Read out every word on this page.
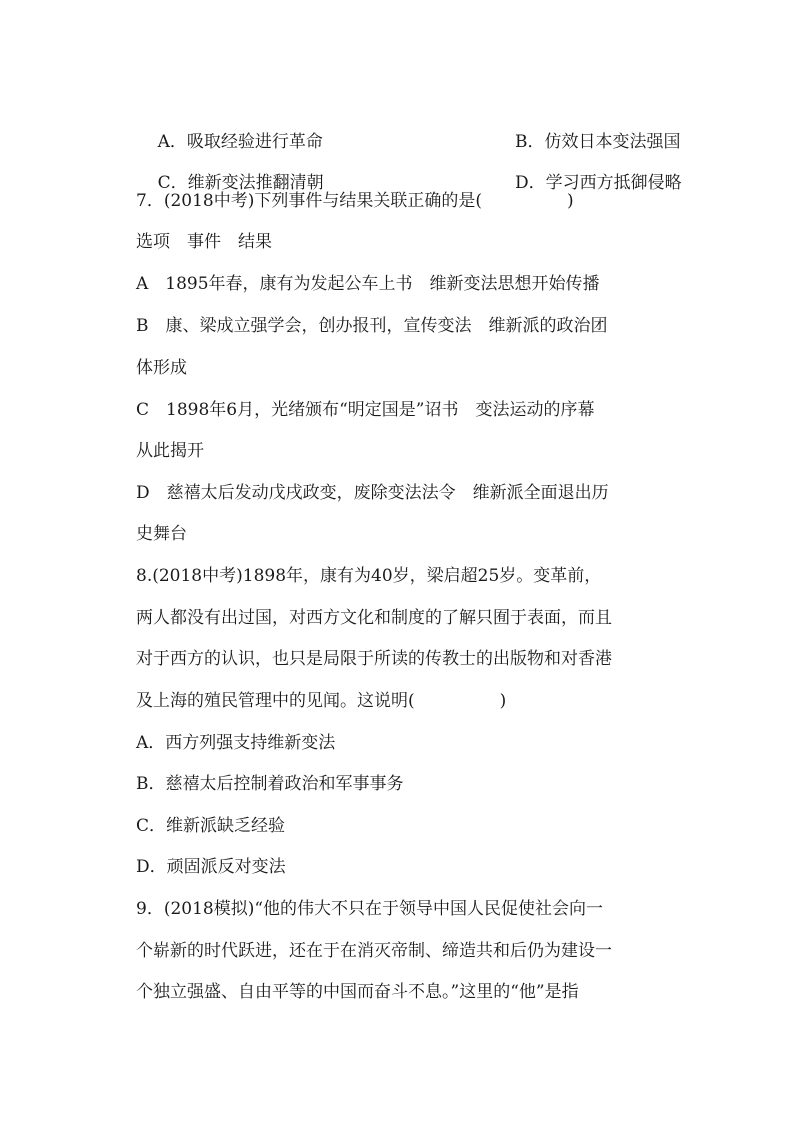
A．吸取经验进行革命	B．仿效日本变法强国

C．维新变法推翻清朝	D．学习西方抵御侵略

7．(2018中考)下列事件与结果关联正确的是(　　　　　)
选项　事件　结果
A　1895年春，康有为发起公车上书　维新变法思想开始传播
B　康、梁成立强学会，创办报刊，宣传变法　维新派的政治团
体形成
C　1898年6月，光绪颁布“明定国是”诏书　变法运动的序幕
从此揭开
D　慈禧太后发动戊戌政变，废除变法法令　维新派全面退出历
史舞台
8.(2018中考)1898年，康有为40岁，梁启超25岁。变革前，
两人都没有出过国，对西方文化和制度的了解只囿于表面，而且
对于西方的认识，也只是局限于所读的传教士的出版物和对香港
及上海的殖民管理中的见闻。这说明(　　　　　)
A．西方列强支持维新变法
B．慈禧太后控制着政治和军事事务
C．维新派缺乏经验
D．顽固派反对变法
9．(2018模拟)“他的伟大不只在于领导中国人民促使社会向一
个崭新的时代跃进，还在于在消灭帝制、缔造共和后仍为建设一
个独立强盛、自由平等的中国而奋斗不息。”这里的“他”是指
